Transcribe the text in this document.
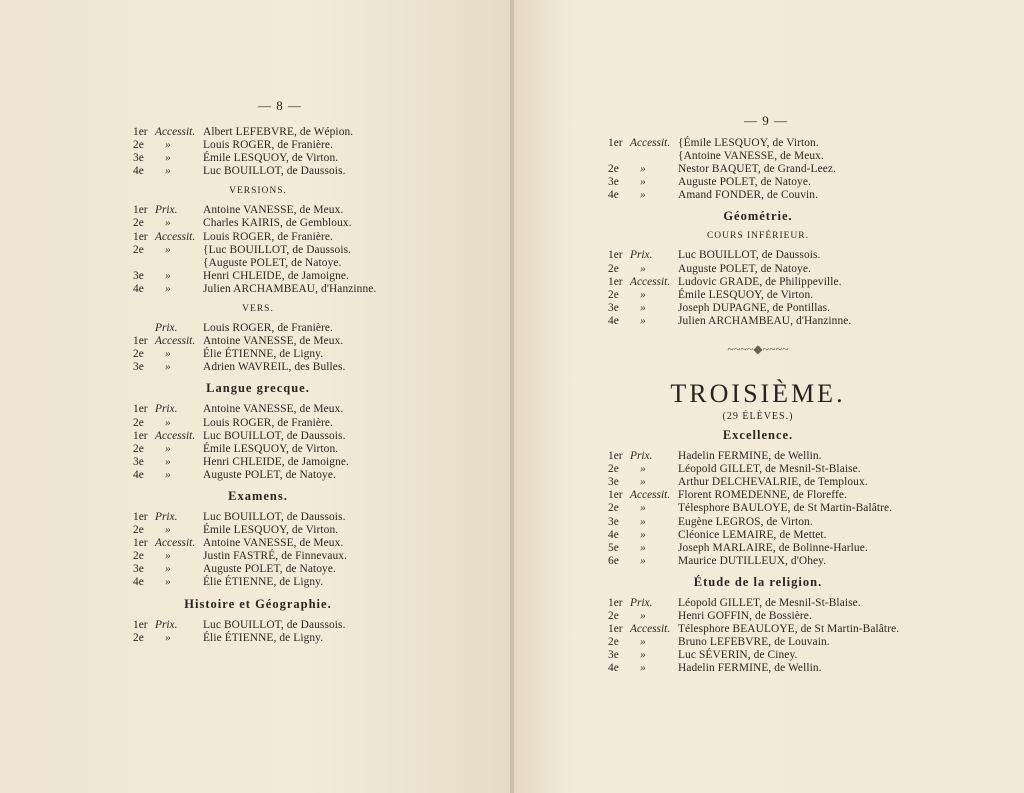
— 8 —
1er Accessit. Albert LEFEBVRE, de Wépion.
2e	»	Louis ROGER, de Franière.
3e	»	Émile LESQUOY, de Virton.
4e	»	Luc BOUILLOT, de Daussois.
VERSIONS.
1er Prix.	Antoine VANESSE, de Meux.
2e	»	Charles KAIRIS, de Gembloux.
1er Accessit. Louis ROGER, de Franière.
2e	»	{Luc BOUILLOT, de Daussois.
{Auguste POLET, de Natoye.
3e	»	Henri CHLEIDE, de Jamoigne.
4e	»	Julien ARCHAMBEAU, d'Hanzinne.
VERS.
Prix.	Louis ROGER, de Franière.
1er Accessit. Antoine VANESSE, de Meux.
2e	»	Élie ÉTIENNE, de Ligny.
3e	»	Adrien WAVREIL, des Bulles.
Langue grecque.
1er Prix.	Antoine VANESSE, de Meux.
2e	»	Louis ROGER, de Franière.
1er Accessit. Luc BOUILLOT, de Daussois.
2e	»	Émile LESQUOY, de Virton.
3e	»	Henri CHLEIDE, de Jamoigne.
4e	»	Auguste POLET, de Natoye.
Examens.
1er Prix.	Luc BOUILLOT, de Daussois.
2e	»	Émile LESQUOY, de Virton.
1er Accessit. Antoine VANESSE, de Meux.
2e	»	Justin FASTRÉ, de Finnevaux.
3e	»	Auguste POLET, de Natoye.
4e	»	Élie ÉTIENNE, de Ligny.
Histoire et Géographie.
1er Prix.	Luc BOUILLOT, de Daussois.
2e	»	Élie ÉTIENNE, de Ligny.
— 9 —
1er Accessit. {Émile LESQUOY, de Virton.
{Antoine VANESSE, de Meux.
2e	»	Nestor BAQUET, de Grand-Leez.
3e	»	Auguste POLET, de Natoye.
4e	»	Amand FONDER, de Couvin.
Géométrie.
COURS INFÉRIEUR.
1er Prix.	Luc BOUILLOT, de Daussois.
2e	»	Auguste POLET, de Natoye.
1er Accessit. Ludovic GRADE, de Philippeville.
2e	»	Émile LESQUOY, de Virton.
3e	»	Joseph DUPAGNE, de Pontillas.
4e	»	Julien ARCHAMBEAU, d'Hanzinne.
~~~~◆~~~~
TROISIÈME.
(29 ÉLÈVES.)
Excellence.
1er Prix.	Hadelin FERMINE, de Wellin.
2e	»	Léopold GILLET, de Mesnil-St-Blaise.
3e	»	Arthur DELCHEVALRIE, de Temploux.
1er Accessit. Florent ROMEDENNE, de Floreffe.
2e	»	Télesphore BAULOYE, de St Martin-Balâtre.
3e	»	Eugène LEGROS, de Virton.
4e	»	Cléonice LEMAIRE, de Mettet.
5e	»	Joseph MARLAIRE, de Bolinne-Harlue.
6e	»	Maurice DUTILLEUX, d'Ohey.
Étude de la religion.
1er Prix.	Léopold GILLET, de Mesnil-St-Blaise.
2e	»	Henri GOFFIN, de Bossière.
1er Accessit. Télesphore BEAULOYE, de St Martin-Balâtre.
2e	»	Bruno LEFEBVRE, de Louvain.
3e	»	Luc SÉVERIN, de Ciney.
4e	»	Hadelin FERMINE, de Wellin.
